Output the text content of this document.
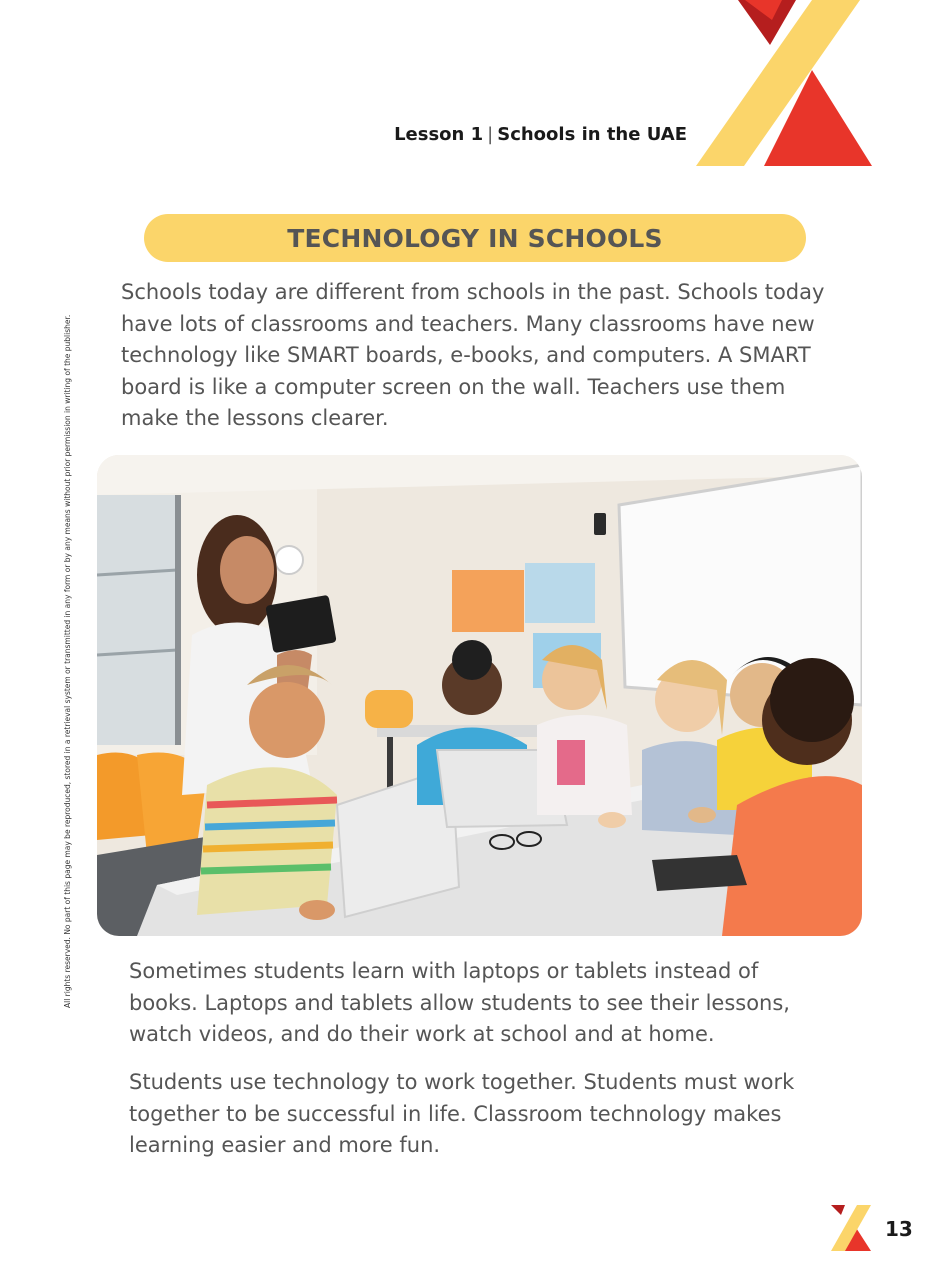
Lesson 1 | Schools in the UAE
TECHNOLOGY IN SCHOOLS

Schools today are different from schools in the past. Schools today have lots of classrooms and teachers. Many classrooms have new technology like SMART boards, e-books, and computers. A SMART board is like a computer screen on the wall. Teachers use them make the lessons clearer.

All rights reserved. No part of this page may be reproduced, stored in a retrieval system or transmitted in any form or by any means without prior permission in writing of the publisher.	Sometimes students learn with laptops or tablets instead of books. Laptops and tablets allow students to see their lessons, watch videos, and do their work at school and at home.

Students use technology to work together. Students must work together to be successful in life. Classroom technology makes learning easier and more fun.

13
